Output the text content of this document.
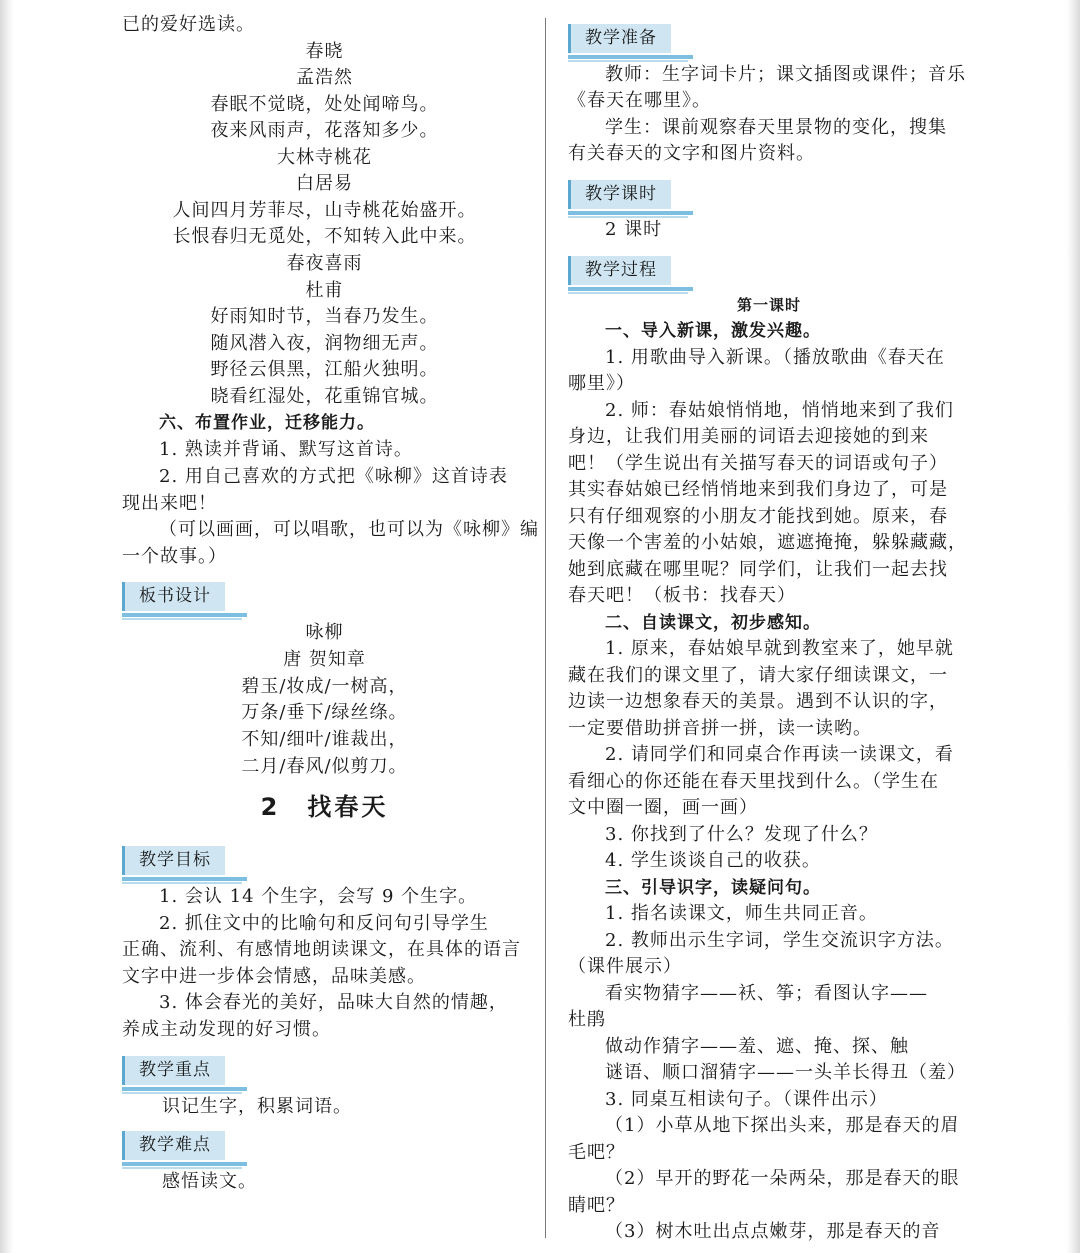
已的爱好选读。
春晓
孟浩然
春眠不觉晓，处处闻啼鸟。
夜来风雨声，花落知多少。
大林寺桃花
白居易
人间四月芳菲尽，山寺桃花始盛开。
长恨春归无觅处，不知转入此中来。
春夜喜雨
杜甫
好雨知时节，当春乃发生。
随风潜入夜，润物细无声。
野径云俱黑，江船火独明。
晓看红湿处，花重锦官城。
六、布置作业，迁移能力。
1. 熟读并背诵、默写这首诗。
2. 用自己喜欢的方式把《咏柳》这首诗表
现出来吧！
（可以画画，可以唱歌，也可以为《咏柳》编
一个故事。）
板书设计
咏柳
唐 贺知章
碧玉/妆成/一树高，
万条/垂下/绿丝绦。
不知/细叶/谁裁出，
二月/春风/似剪刀。
2　找春天
教学目标
1. 会认 14 个生字，会写 9 个生字。
2. 抓住文中的比喻句和反问句引导学生
正确、流利、有感情地朗读课文，在具体的语言
文字中进一步体会情感，品味美感。
3. 体会春光的美好，品味大自然的情趣，
养成主动发现的好习惯。
教学重点
识记生字，积累词语。
教学难点
感悟读文。
教学准备
教师：生字词卡片；课文插图或课件；音乐
《春天在哪里》。
学生：课前观察春天里景物的变化，搜集
有关春天的文字和图片资料。
教学课时
2 课时
教学过程
第一课时
一、导入新课，激发兴趣。
1. 用歌曲导入新课。（播放歌曲《春天在
哪里》）
2. 师：春姑娘悄悄地，悄悄地来到了我们
身边，让我们用美丽的词语去迎接她的到来
吧！（学生说出有关描写春天的词语或句子）
其实春姑娘已经悄悄地来到我们身边了，可是
只有仔细观察的小朋友才能找到她。原来，春
天像一个害羞的小姑娘，遮遮掩掩，躲躲藏藏，
她到底藏在哪里呢？同学们，让我们一起去找
春天吧！（板书：找春天）
二、自读课文，初步感知。
1. 原来，春姑娘早就到教室来了，她早就
藏在我们的课文里了，请大家仔细读课文，一
边读一边想象春天的美景。遇到不认识的字，
一定要借助拼音拼一拼，读一读哟。
2. 请同学们和同桌合作再读一读课文，看
看细心的你还能在春天里找到什么。（学生在
文中圈一圈，画一画）
3. 你找到了什么？发现了什么？
4. 学生谈谈自己的收获。
三、引导识字，读疑问句。
1. 指名读课文，师生共同正音。
2. 教师出示生字词，学生交流识字方法。
（课件展示）
看实物猜字——袄、筝；看图认字——
杜鹃
做动作猜字——羞、遮、掩、探、触
谜语、顺口溜猜字——一头羊长得丑（羞）
3. 同桌互相读句子。（课件出示）
（1）小草从地下探出头来，那是春天的眉
毛吧？
（2）早开的野花一朵两朵，那是春天的眼
睛吧？
（3）树木吐出点点嫩芽，那是春天的音
